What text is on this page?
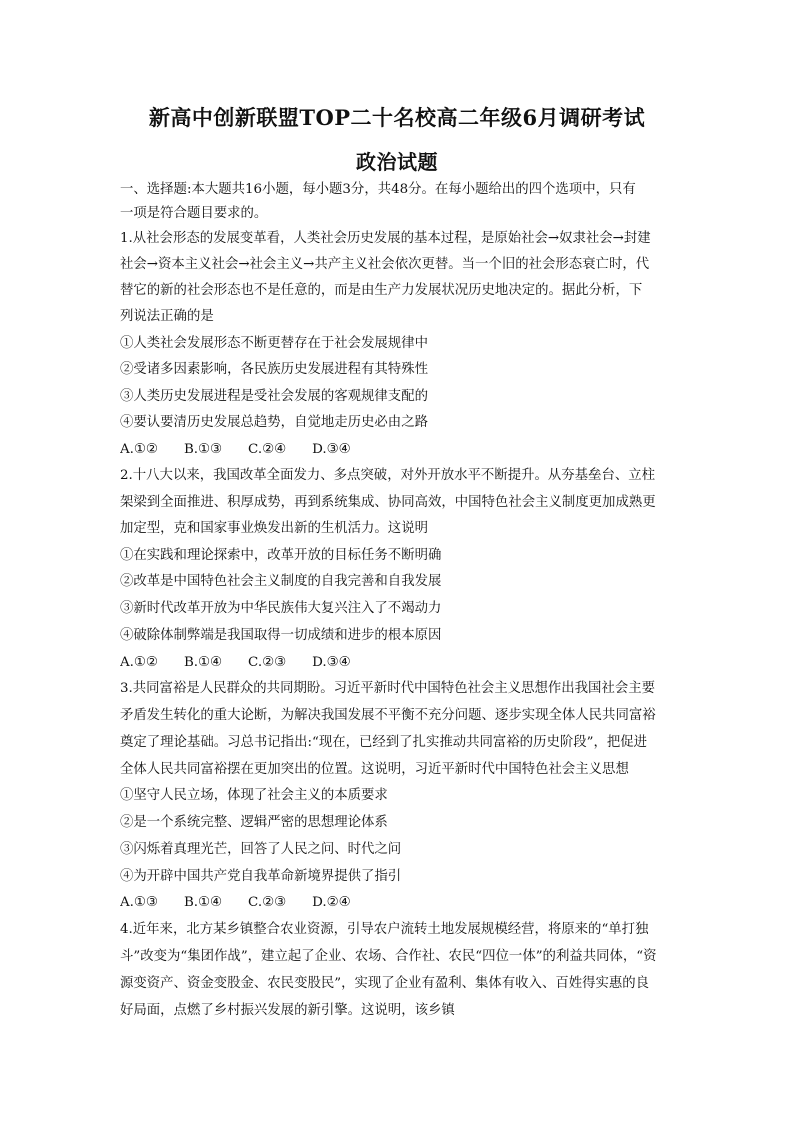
新高中创新联盟TOP二十名校高二年级6月调研考试
政治试题
一、选择题:本大题共16小题，每小题3分，共48分。在每小题给出的四个选项中，只有
一项是符合题目要求的。
1.从社会形态的发展变革看，人类社会历史发展的基本过程，是原始社会→奴隶社会→封建
社会→资本主义社会→社会主义→共产主义社会依次更替。当一个旧的社会形态衰亡时，代
替它的新的社会形态也不是任意的，而是由生产力发展状况历史地决定的。据此分析，下
列说法正确的是
①人类社会发展形态不断更替存在于社会发展规律中
②受诸多因素影响，各民族历史发展进程有其特殊性
③人类历史发展进程是受社会发展的客观规律支配的
④要认要清历史发展总趋势，自觉地走历史必由之路
A.①② B.①③ C.②④ D.③④
2.十八大以来，我国改革全面发力、多点突破，对外开放水平不断提升。从夯基垒台、立柱
架梁到全面推进、积厚成势，再到系统集成、协同高效，中国特色社会主义制度更加成熟更
加定型，克和国家事业焕发出新的生机活力。这说明
①在实践和理论探索中，改革开放的目标任务不断明确
②改革是中国特色社会主义制度的自我完善和自我发展
③新时代改革开放为中华民族伟大复兴注入了不竭动力
④破除体制弊端是我国取得一切成绩和进步的根本原因
A.①② B.①④ C.②③ D.③④
3.共同富裕是人民群众的共同期盼。习近平新时代中国特色社会主义思想作出我国社会主要
矛盾发生转化的重大论断，为解决我国发展不平衡不充分问题、逐步实现全体人民共同富裕
奠定了理论基础。习总书记指出:“现在，已经到了扎实推动共同富裕的历史阶段”，把促进
全体人民共同富裕摆在更加突出的位置。这说明，习近平新时代中国特色社会主义思想
①坚守人民立场，体现了社会主义的本质要求
②是一个系统完整、逻辑严密的思想理论体系
③闪烁着真理光芒，回答了人民之问、时代之问
④为开辟中国共产党自我革命新境界提供了指引
A.①③ B.①④ C.②③ D.②④
4.近年来，北方某乡镇整合农业资源，引导农户流转土地发展规模经营，将原来的“单打独
斗”改变为“集团作战”，建立起了企业、农场、合作社、农民“四位一体”的利益共同体，“资
源变资产、资金变股金、农民变股民”，实现了企业有盈利、集体有收入、百姓得实惠的良
好局面，点燃了乡村振兴发展的新引擎。这说明，该乡镇
